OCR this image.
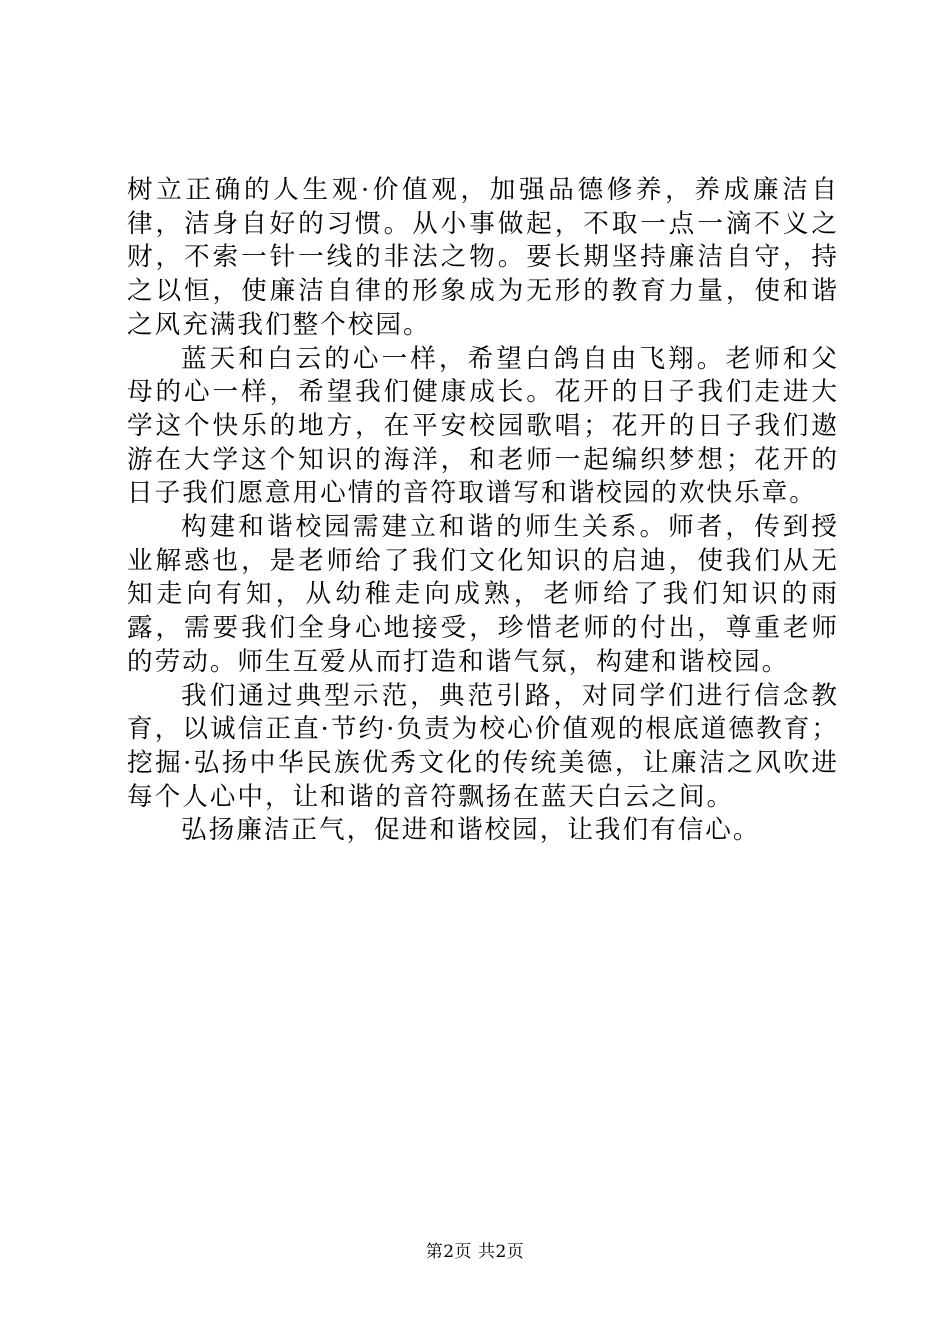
树立正确的人生观·价值观，加强品德修养，养成廉洁自律，洁身自好的习惯。从小事做起，不取一点一滴不义之财，不索一针一线的非法之物。要长期坚持廉洁自守，持之以恒，使廉洁自律的形象成为无形的教育力量，使和谐之风充满我们整个校园。

蓝天和白云的心一样，希望白鸽自由飞翔。老师和父母的心一样，希望我们健康成长。花开的日子我们走进大学这个快乐的地方，在平安校园歌唱；花开的日子我们遨游在大学这个知识的海洋，和老师一起编织梦想；花开的日子我们愿意用心情的音符取谱写和谐校园的欢快乐章。

构建和谐校园需建立和谐的师生关系。师者，传到授业解惑也，是老师给了我们文化知识的启迪，使我们从无知走向有知，从幼稚走向成熟，老师给了我们知识的雨露，需要我们全身心地接受，珍惜老师的付出，尊重老师的劳动。师生互爱从而打造和谐气氛，构建和谐校园。

我们通过典型示范，典范引路，对同学们进行信念教育，以诚信正直·节约·负责为校心价值观的根底道德教育；挖掘·弘扬中华民族优秀文化的传统美德，让廉洁之风吹进每个人心中，让和谐的音符飘扬在蓝天白云之间。

弘扬廉洁正气，促进和谐校园，让我们有信心。

第2页 共2页
